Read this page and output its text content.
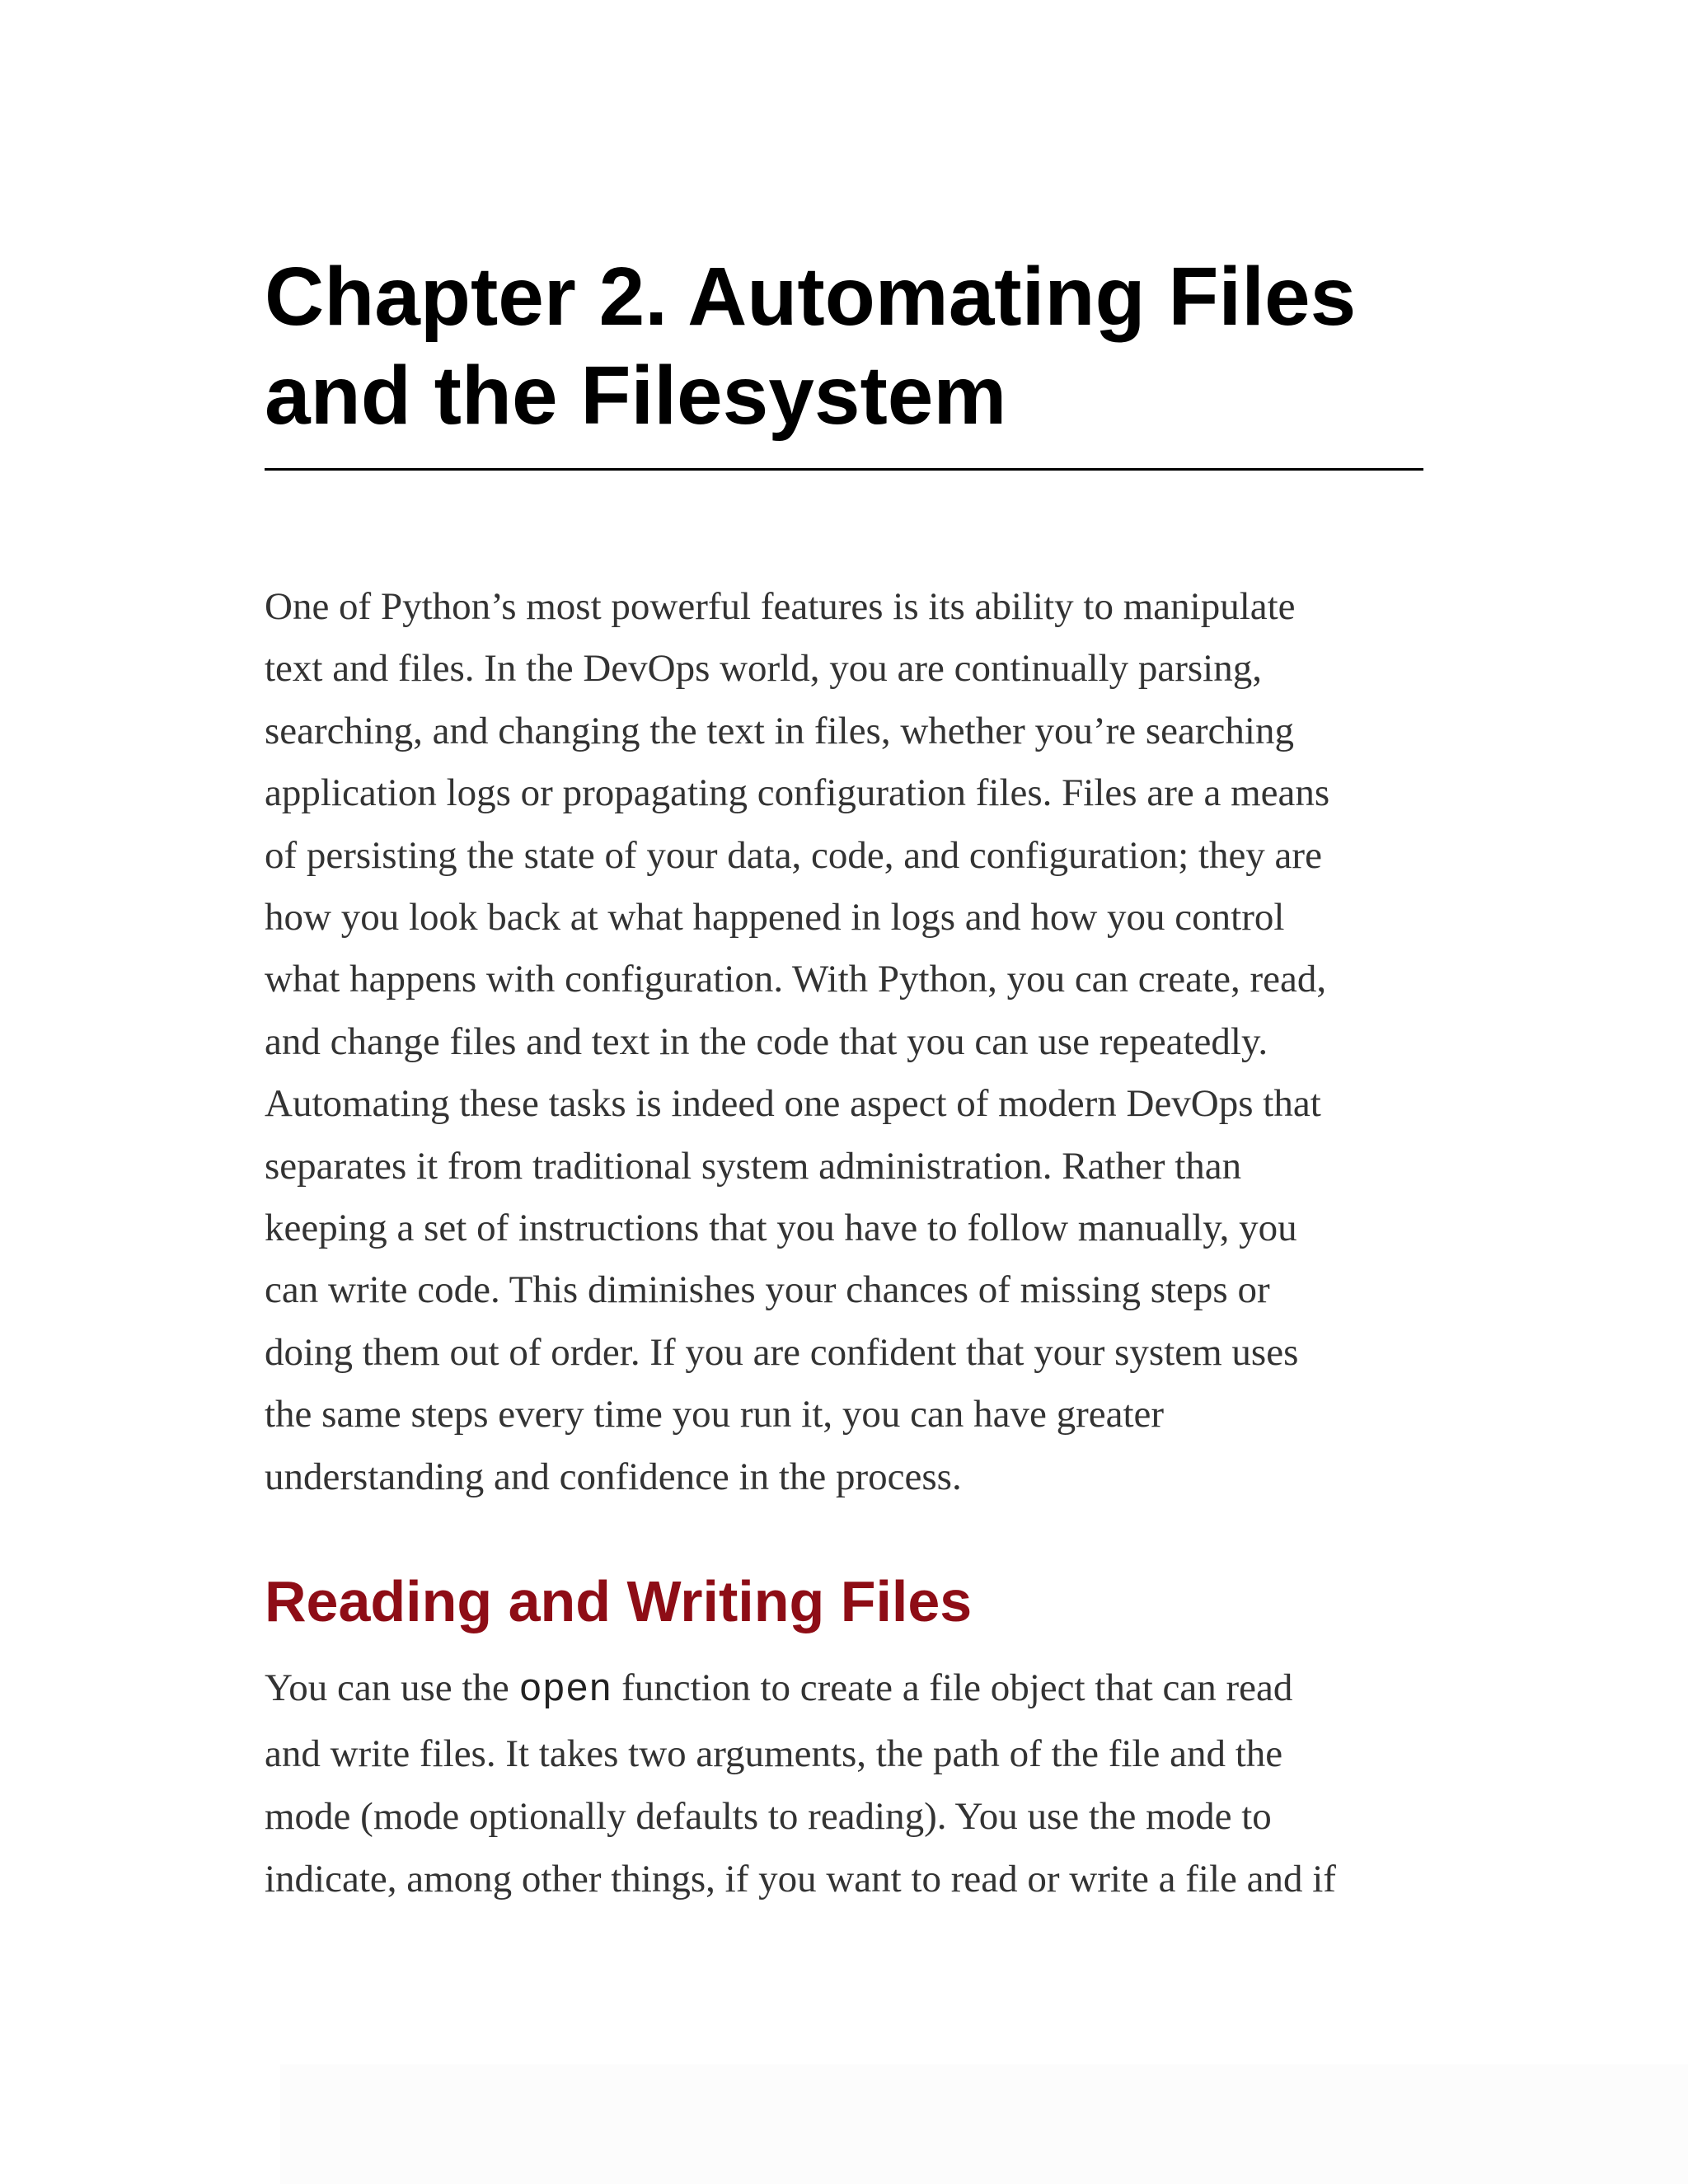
Chapter 2. Automating Files
and the Filesystem

One of Python’s most powerful features is its ability to manipulate
text and files. In the DevOps world, you are continually parsing,
searching, and changing the text in files, whether you’re searching
application logs or propagating configuration files. Files are a means
of persisting the state of your data, code, and configuration; they are
how you look back at what happened in logs and how you control
what happens with configuration. With Python, you can create, read,
and change files and text in the code that you can use repeatedly.
Automating these tasks is indeed one aspect of modern DevOps that
separates it from traditional system administration. Rather than
keeping a set of instructions that you have to follow manually, you
can write code. This diminishes your chances of missing steps or
doing them out of order. If you are confident that your system uses
the same steps every time you run it, you can have greater
understanding and confidence in the process.

Reading and Writing Files

You can use the open function to create a file object that can read
and write files. It takes two arguments, the path of the file and the
mode (mode optionally defaults to reading). You use the mode to
indicate, among other things, if you want to read or write a file and if
